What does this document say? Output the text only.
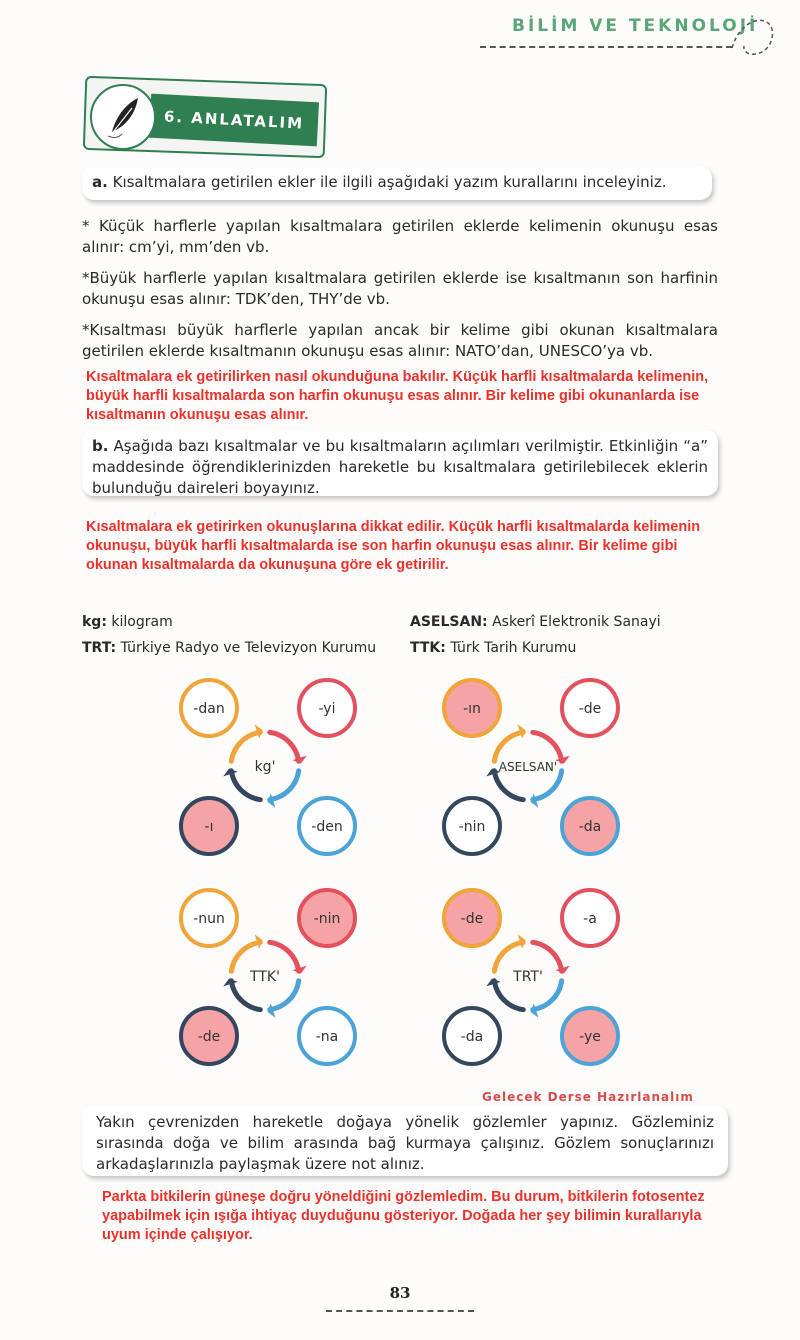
BİLİM VE TEKNOLOJİ
6. ANLATALIM
a. Kısaltmalara getirilen ekler ile ilgili aşağıdaki yazım kurallarını inceleyiniz.
* Küçük harflerle yapılan kısaltmalara getirilen eklerde kelimenin okunuşu esas alınır: cm’yi, mm’den vb.
*Büyük harflerle yapılan kısaltmalara getirilen eklerde ise kısaltmanın son harfinin okunuşu esas alınır: TDK’den, THY’de vb.
*Kısaltması büyük harflerle yapılan ancak bir kelime gibi okunan kısaltmalara getirilen eklerde kısaltmanın okunuşu esas alınır: NATO’dan, UNESCO’ya vb.
Kısaltmalara ek getirilirken nasıl okunduğuna bakılır. Küçük harfli kısaltmalarda kelimenin, büyük harfli kısaltmalarda son harfin okunuşu esas alınır. Bir kelime gibi okunanlarda ise kısaltmanın okunuşu esas alınır.
b. Aşağıda bazı kısaltmalar ve bu kısaltmaların açılımları verilmiştir. Etkinliğin “a” maddesinde öğrendiklerinizden hareketle bu kısaltmalara getirilebilecek eklerin bulunduğu daireleri boyayınız.
Kısaltmalara ek getirirken okunuşlarına dikkat edilir. Küçük harfli kısaltmalarda kelimenin okunuşu, büyük harfli kısaltmalarda ise son harfin okunuşu esas alınır. Bir kelime gibi okunan kısaltmalarda da okunuşuna göre ek getirilir.
kg: kilogram
TRT: Türkiye Radyo ve Televizyon Kurumu
ASELSAN: Askerî Elektronik Sanayi
TTK: Türk Tarih Kurumu
kg'
-dan	-yi
-ı	-den
ASELSAN'
-ın	-de
-nin	-da
TTK'
-nun	-nin
-de	-na
TRT'
-de	-a
-da	-ye
Gelecek Derse Hazırlanalım
Yakın çevrenizden hareketle doğaya yönelik gözlemler yapınız. Gözleminiz sırasında doğa ve bilim arasında bağ kurmaya çalışınız. Gözlem sonuçlarınızı arkadaşlarınızla paylaşmak üzere not alınız.
Parkta bitkilerin güneşe doğru yöneldiğini gözlemledim. Bu durum, bitkilerin fotosentez yapabilmek için ışığa ihtiyaç duyduğunu gösteriyor. Doğada her şey bilimin kurallarıyla uyum içinde çalışıyor.
83
